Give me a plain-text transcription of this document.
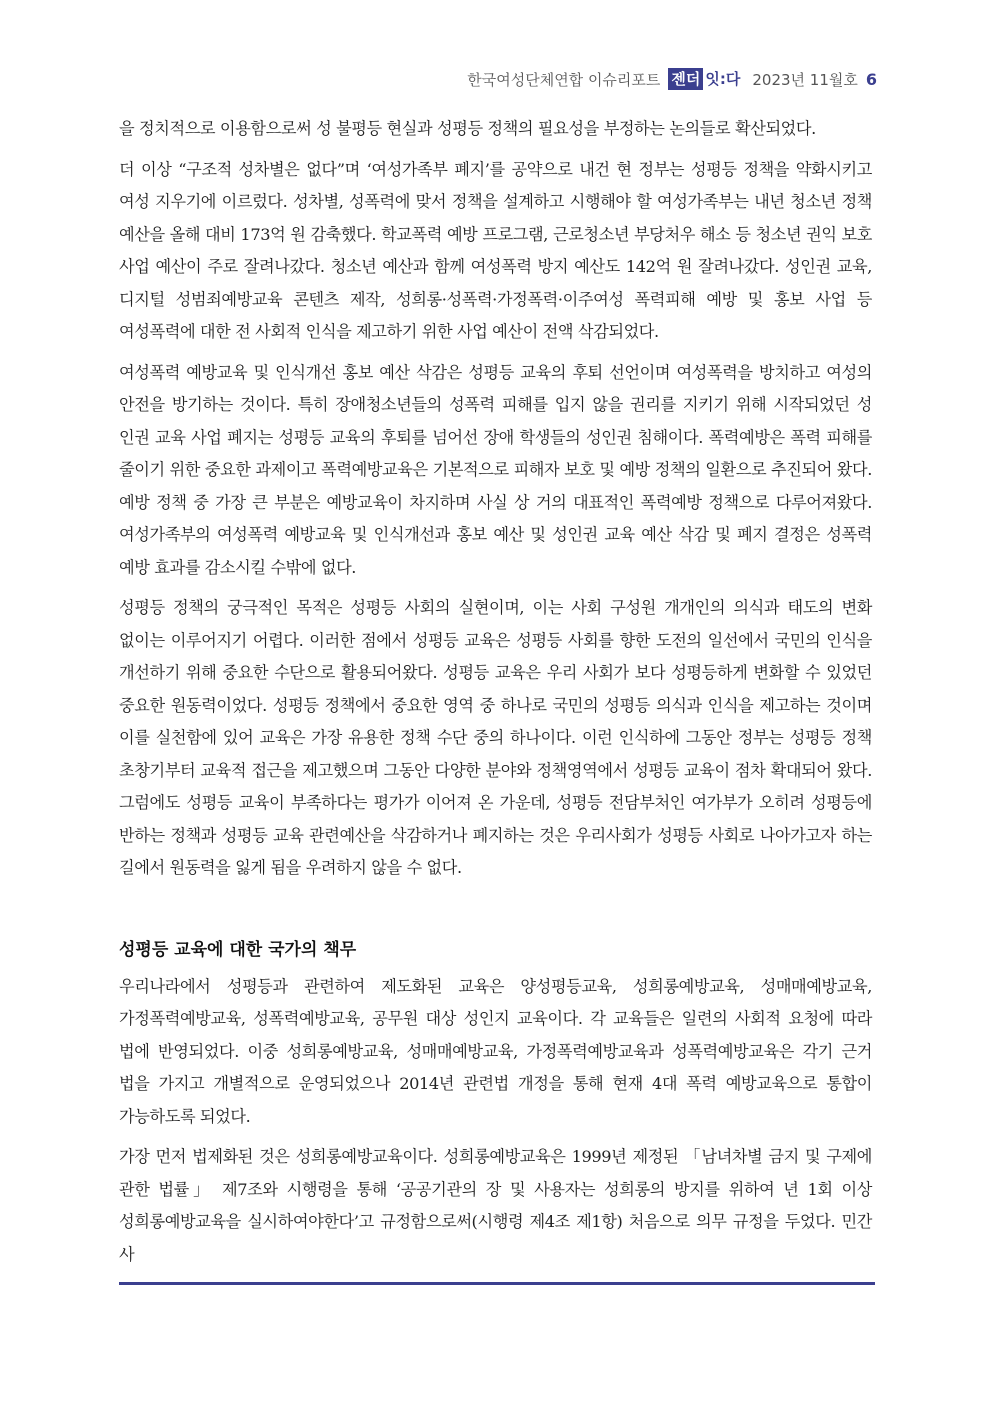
한국여성단체연합 이슈리포트 젠더 잇:다 2023년 11월호 6

을 정치적으로 이용함으로써 성 불평등 현실과 성평등 정책의 필요성을 부정하는 논의들로 확산되었다.

더 이상 “구조적 성차별은 없다”며 ‘여성가족부 폐지’를 공약으로 내건 현 정부는 성평등 정책을 약화시키고 여성 지우기에 이르렀다. 성차별, 성폭력에 맞서 정책을 설계하고 시행해야 할 여성가족부는 내년 청소년 정책 예산을 올해 대비 173억 원 감축했다. 학교폭력 예방 프로그램, 근로청소년 부당처우 해소 등 청소년 권익 보호 사업 예산이 주로 잘려나갔다. 청소년 예산과 함께 여성폭력 방지 예산도 142억 원 잘려나갔다. 성인권 교육, 디지털 성범죄예방교육 콘텐츠 제작, 성희롱·성폭력·가정폭력·이주여성 폭력피해 예방 및 홍보 사업 등 여성폭력에 대한 전 사회적 인식을 제고하기 위한 사업 예산이 전액 삭감되었다.

여성폭력 예방교육 및 인식개선 홍보 예산 삭감은 성평등 교육의 후퇴 선언이며 여성폭력을 방치하고 여성의 안전을 방기하는 것이다. 특히 장애청소년들의 성폭력 피해를 입지 않을 권리를 지키기 위해 시작되었던 성 인권 교육 사업 폐지는 성평등 교육의 후퇴를 넘어선 장애 학생들의 성인권 침해이다. 폭력예방은 폭력 피해를 줄이기 위한 중요한 과제이고 폭력예방교육은 기본적으로 피해자 보호 및 예방 정책의 일환으로 추진되어 왔다. 예방 정책 중 가장 큰 부분은 예방교육이 차지하며 사실 상 거의 대표적인 폭력예방 정책으로 다루어져왔다. 여성가족부의 여성폭력 예방교육 및 인식개선과 홍보 예산 및 성인권 교육 예산 삭감 및 폐지 결정은 성폭력 예방 효과를 감소시킬 수밖에 없다.

성평등 정책의 궁극적인 목적은 성평등 사회의 실현이며, 이는 사회 구성원 개개인의 의식과 태도의 변화 없이는 이루어지기 어렵다. 이러한 점에서 성평등 교육은 성평등 사회를 향한 도전의 일선에서 국민의 인식을 개선하기 위해 중요한 수단으로 활용되어왔다. 성평등 교육은 우리 사회가 보다 성평등하게 변화할 수 있었던 중요한 원동력이었다. 성평등 정책에서 중요한 영역 중 하나로 국민의 성평등 의식과 인식을 제고하는 것이며 이를 실천함에 있어 교육은 가장 유용한 정책 수단 중의 하나이다. 이런 인식하에 그동안 정부는 성평등 정책 초창기부터 교육적 접근을 제고했으며 그동안 다양한 분야와 정책영역에서 성평등 교육이 점차 확대되어 왔다. 그럼에도 성평등 교육이 부족하다는 평가가 이어져 온 가운데, 성평등 전담부처인 여가부가 오히려 성평등에 반하는 정책과 성평등 교육 관련예산을 삭감하거나 폐지하는 것은 우리사회가 성평등 사회로 나아가고자 하는 길에서 원동력을 잃게 됨을 우려하지 않을 수 없다.

성평등 교육에 대한 국가의 책무

우리나라에서 성평등과 관련하여 제도화된 교육은 양성평등교육, 성희롱예방교육, 성매매예방교육, 가정폭력예방교육, 성폭력예방교육, 공무원 대상 성인지 교육이다. 각 교육들은 일련의 사회적 요청에 따라 법에 반영되었다. 이중 성희롱예방교육, 성매매예방교육, 가정폭력예방교육과 성폭력예방교육은 각기 근거 법을 가지고 개별적으로 운영되었으나 2014년 관련법 개정을 통해 현재 4대 폭력 예방교육으로 통합이 가능하도록 되었다.

가장 먼저 법제화된 것은 성희롱예방교육이다. 성희롱예방교육은 1999년 제정된 「남녀차별 금지 및 구제에 관한 법률」 제7조와 시행령을 통해 ‘공공기관의 장 및 사용자는 성희롱의 방지를 위하여 년 1회 이상 성희롱예방교육을 실시하여야한다’고 규정함으로써(시행령 제4조 제1항) 처음으로 의무 규정을 두었다. 민간 사
